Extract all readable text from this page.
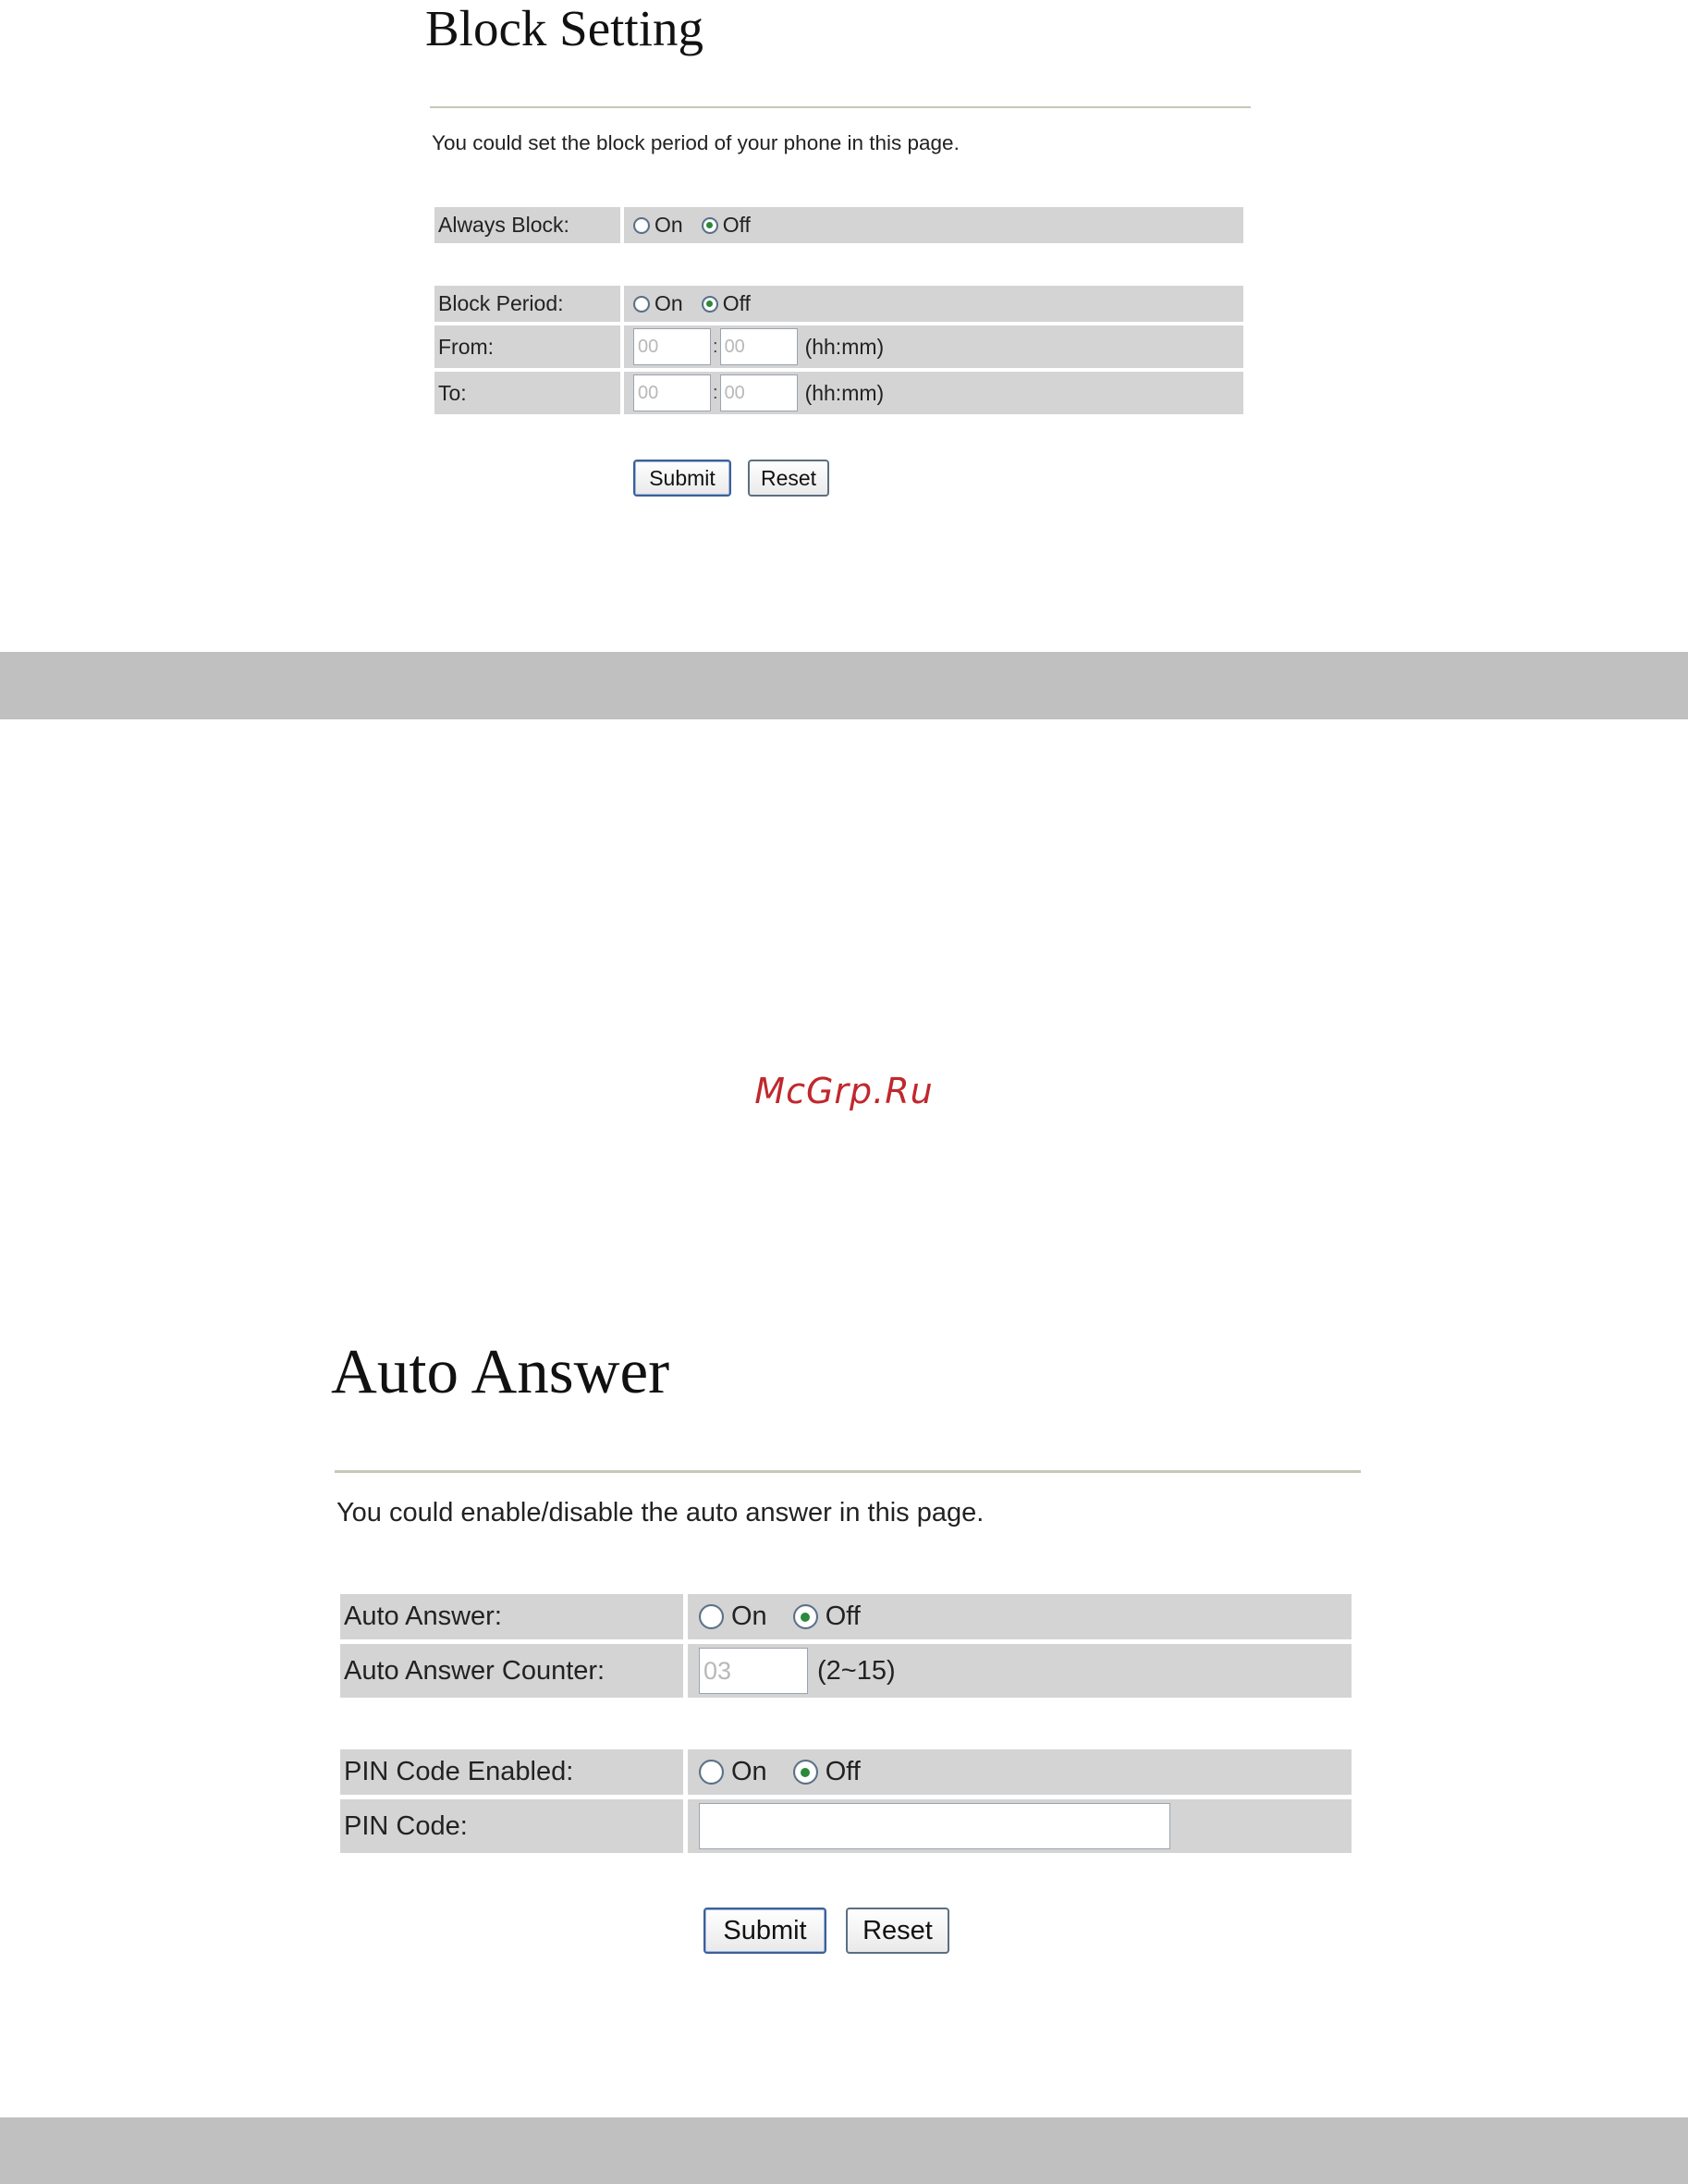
Block Setting
You could set the block period of your phone in this page.
Always Block:	On Off
Block Period:	On Off
From:	00	: 00	(hh:mm)
To:	00	: 00	(hh:mm)
Submit	Reset
McGrp.Ru
Auto Answer
You could enable/disable the auto answer in this page.
Auto Answer:	On Off
Auto Answer Counter:	03	(2~15)
PIN Code Enabled:	On Off
PIN Code:
Submit	Reset
